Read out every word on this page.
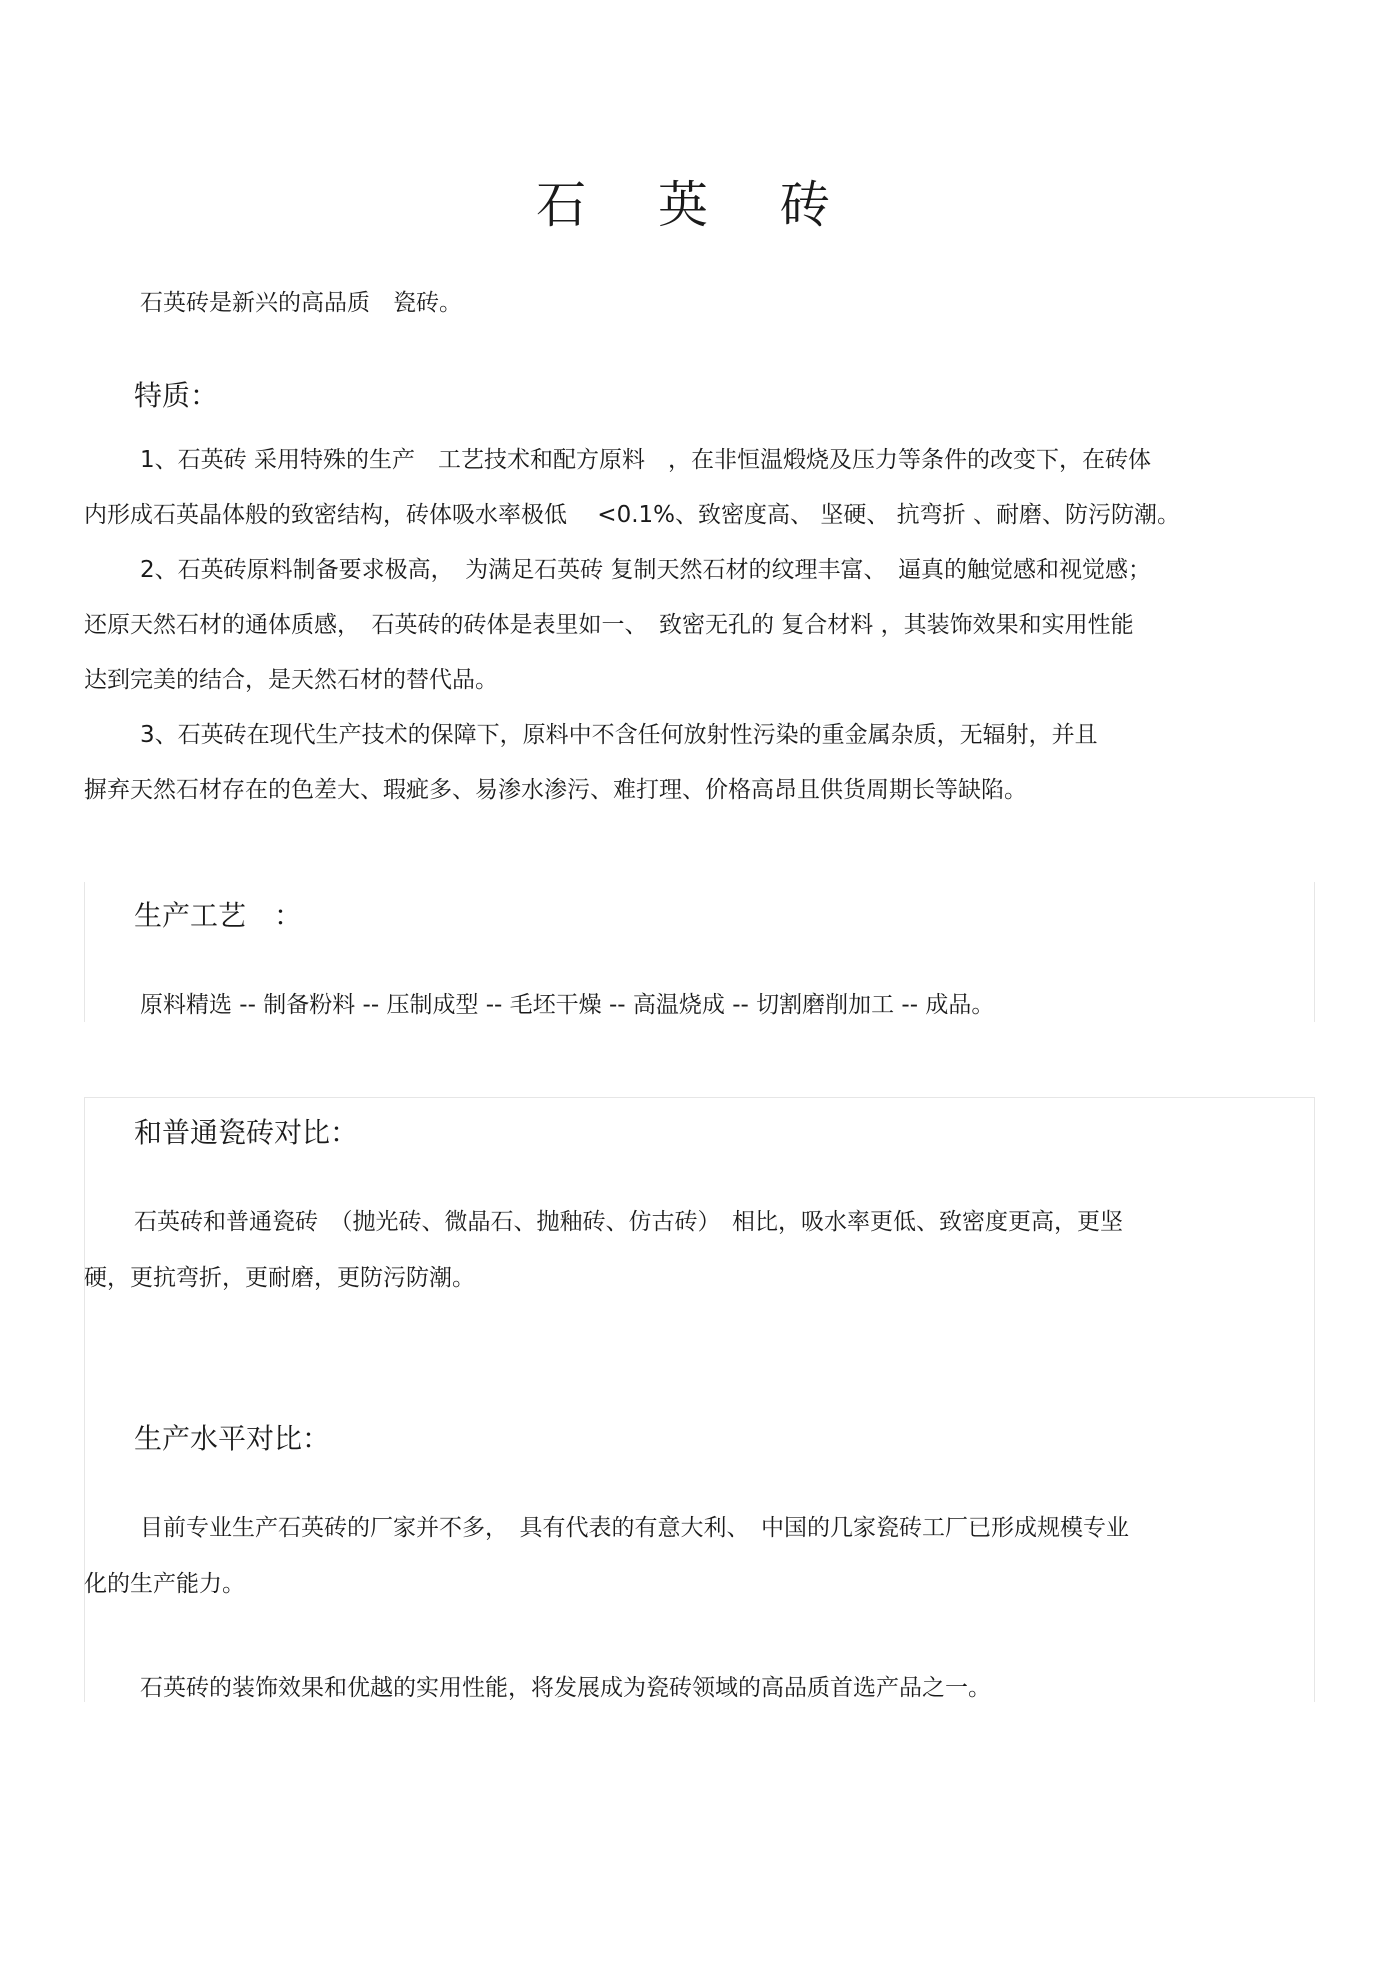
石 英 砖
石英砖是新兴的高品质　瓷砖。
特质：
1、石英砖 采用特殊的生产　工艺技术和配方原料　，在非恒温煅烧及压力等条件的改变下，在砖体
内形成石英晶体般的致密结构，砖体吸水率极低　 <0.1%、致密度高、 坚硬、 抗弯折 、耐磨、防污防潮。
2、石英砖原料制备要求极高，　为满足石英砖 复制天然石材的纹理丰富、　逼真的触觉感和视觉感；
还原天然石材的通体质感，　石英砖的砖体是表里如一、　致密无孔的 复合材料 ，其装饰效果和实用性能
达到完美的结合，是天然石材的替代品。
3、石英砖在现代生产技术的保障下，原料中不含任何放射性污染的重金属杂质，无辐射，并且
摒弃天然石材存在的色差大、瑕疵多、易渗水渗污、难打理、价格高昂且供货周期长等缺陷。
生产工艺　：
原料精选 -- 制备粉料 -- 压制成型 -- 毛坯干燥 -- 高温烧成 -- 切割磨削加工 -- 成品。
和普通瓷砖对比：
石英砖和普通瓷砖　（抛光砖、微晶石、抛釉砖、仿古砖）　相比，吸水率更低、致密度更高，更坚
硬，更抗弯折，更耐磨，更防污防潮。
生产水平对比：
目前专业生产石英砖的厂家并不多，　具有代表的有意大利、　中国的几家瓷砖工厂已形成规模专业
化的生产能力。
石英砖的装饰效果和优越的实用性能，将发展成为瓷砖领域的高品质首选产品之一。
